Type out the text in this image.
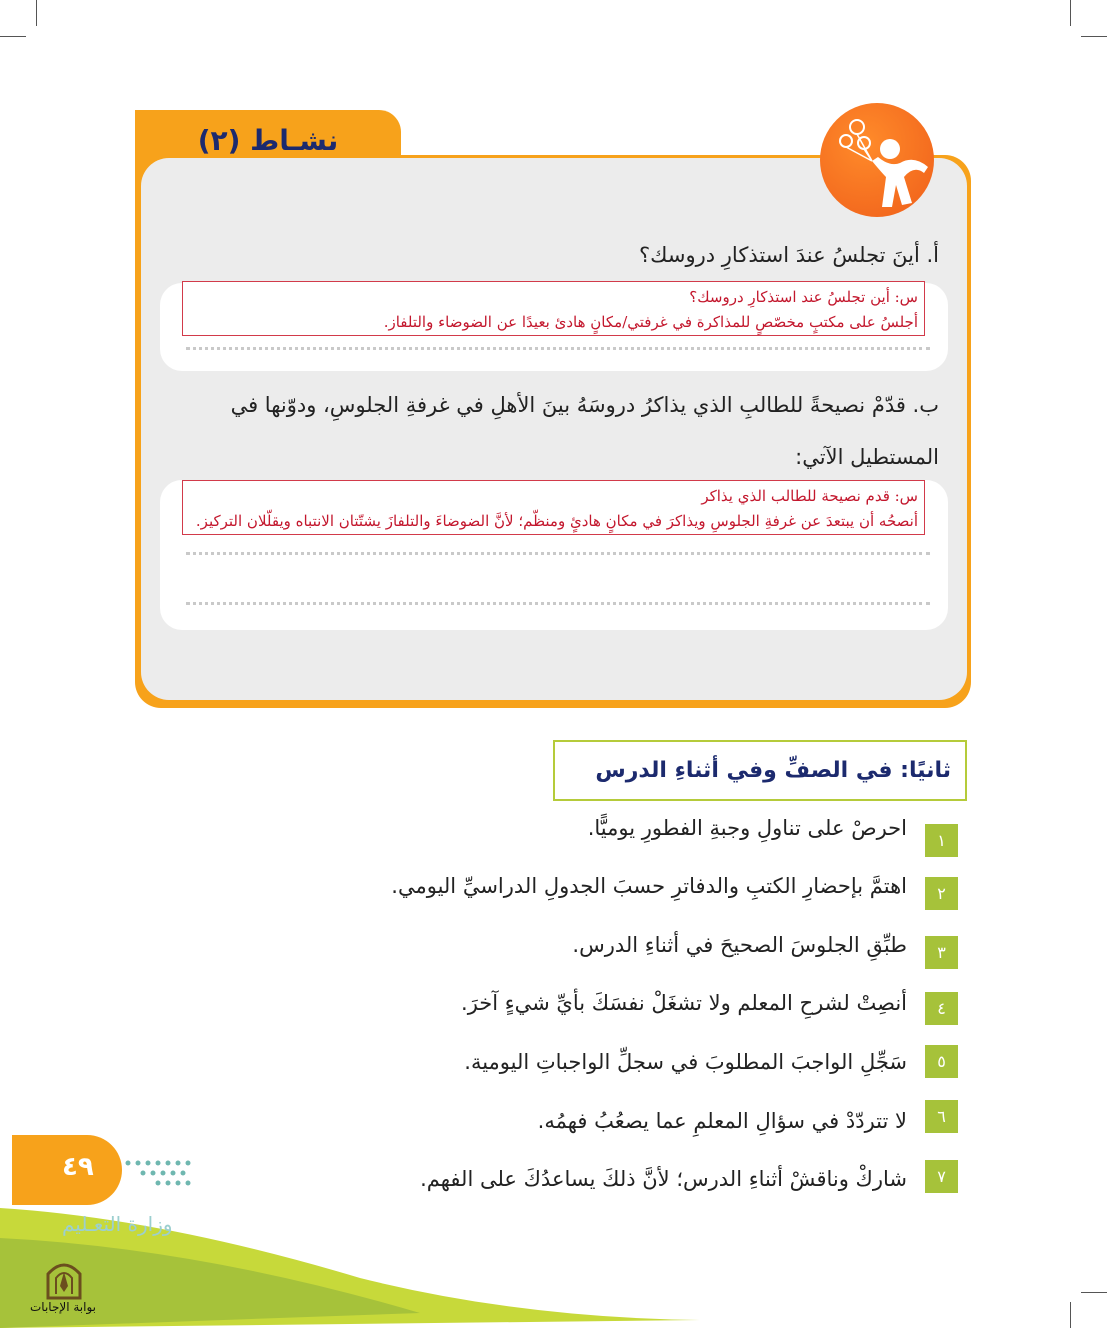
نشـاط (٢)
أ. أينَ تجلسُ عندَ استذكارِ دروسك؟
س: أين تجلسُ عند استذكارِ دروسك؟
أجلسُ على مكتبٍ مخصّصٍ للمذاكرة في غرفتي/مكانٍ هادئ بعيدًا عن الضوضاء والتلفاز.
ب. قدّمْ نصيحةً للطالبِ الذي يذاكرُ دروسَهُ بينَ الأهلِ في غرفةِ الجلوسِ، ودوّنها في
المستطيل الآتي:
س: قدم نصيحة للطالب الذي يذاكر
أنصحُه أن يبتعدَ عن غرفةِ الجلوسِ ويذاكرَ في مكانٍ هادئٍ ومنظّم؛ لأنَّ الضوضاءَ والتلفازَ يشتّتان الانتباه ويقلّلان التركيز.
ثانيًا: في الصفِّ وفي أثناءِ الدرس
١
احرصْ على تناولِ وجبةِ الفطورِ يوميًّا.
٢
اهتمَّ بإحضارِ الكتبِ والدفاترِ حسبَ الجدولِ الدراسيِّ اليومي.
٣
طبِّقِ الجلوسَ الصحيحَ في أثناءِ الدرس.
٤
أنصِتْ لشرحِ المعلم ولا تشغَلْ نفسَكَ بأيِّ شيءٍ آخرَ.
٥
سَجِّلِ الواجبَ المطلوبَ في سجلِّ الواجباتِ اليومية.
٦
لا تتردّدْ في سؤالِ المعلمِ عما يصعُبُ فهمُه.
٧
شاركْ وناقشْ أثناءِ الدرس؛ لأنَّ ذلكَ يساعدُكَ على الفهم.
٤٩
وزارة التعـليم
بوابة الإجابات
